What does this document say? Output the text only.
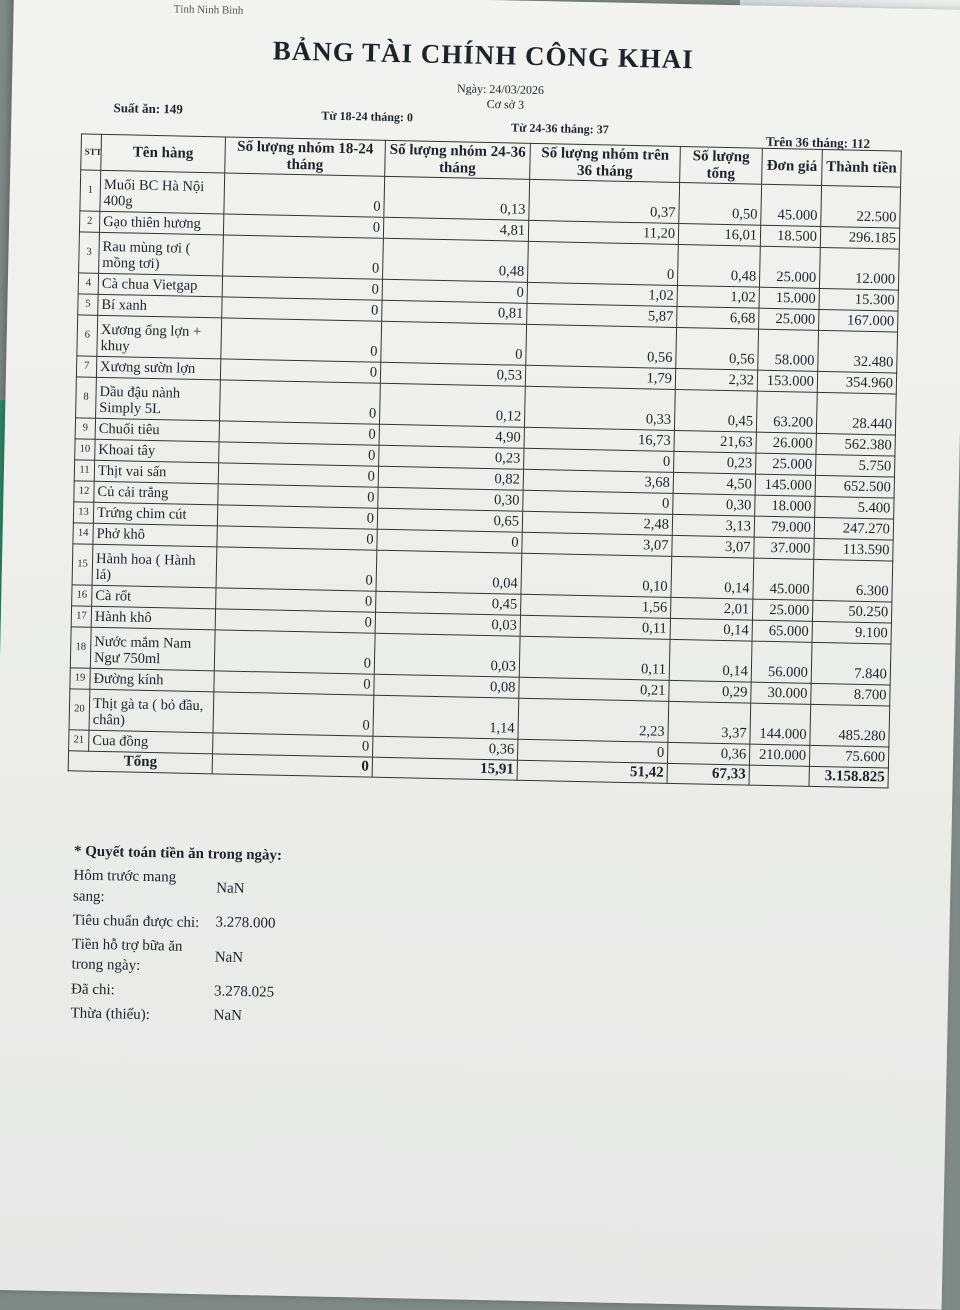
Tỉnh Ninh Bình
BẢNG TÀI CHÍNH CÔNG KHAI
Ngày: 24/03/2026
Cơ sở 3
Suất ăn: 149	Từ 18-24 tháng: 0
Từ 24-36 tháng: 37
Trên 36 tháng: 112
STT	Tên hàng	Số lượng nhóm 18-24 tháng	Số lượng nhóm 24-36 tháng	Số lượng nhóm trên 36 tháng	Số lượng tổng	Đơn giá	Thành tiền
1	Muối BC Hà Nội 400g	0	0,13	0,37	0,50	45.000	22.500
2	Gạo thiên hương	0	4,81	11,20	16,01	18.500	296.185
3	Rau mùng tơi ( mồng tơi)	0	0,48	0	0,48	25.000	12.000
4	Cà chua Vietgap	0	0	1,02	1,02	15.000	15.300
5	Bí xanh	0	0,81	5,87	6,68	25.000	167.000
6	Xương ống lợn + khuy	0	0	0,56	0,56	58.000	32.480
7	Xương sườn lợn	0	0,53	1,79	2,32	153.000	354.960
8	Dầu đậu nành Simply 5L	0	0,12	0,33	0,45	63.200	28.440
9	Chuối tiêu	0	4,90	16,73	21,63	26.000	562.380
10	Khoai tây	0	0,23	0	0,23	25.000	5.750
11	Thịt vai sấn	0	0,82	3,68	4,50	145.000	652.500
12	Củ cải trắng	0	0,30	0	0,30	18.000	5.400
13	Trứng chim cút	0	0,65	2,48	3,13	79.000	247.270
14	Phở khô	0	0	3,07	3,07	37.000	113.590
15	Hành hoa ( Hành lá)	0	0,04	0,10	0,14	45.000	6.300
16	Cà rốt	0	0,45	1,56	2,01	25.000	50.250
17	Hành khô	0	0,03	0,11	0,14	65.000	9.100
18	Nước mắm Nam Ngư 750ml	0	0,03	0,11	0,14	56.000	7.840
19	Đường kính	0	0,08	0,21	0,29	30.000	8.700
20	Thịt gà ta ( bỏ đầu, chân)	0	1,14	2,23	3,37	144.000	485.280
21	Cua đồng	0	0,36	0	0,36	210.000	75.600
Tổng		0	15,91	51,42	67,33		3.158.825
* Quyết toán tiền ăn trong ngày:
Hôm trước mang sang:	NaN
Tiêu chuẩn được chi: 3.278.000
Tiền hỗ trợ bữa ăn trong ngày:	NaN
Đã chi:	3.278.025
Thừa (thiếu):	NaN
